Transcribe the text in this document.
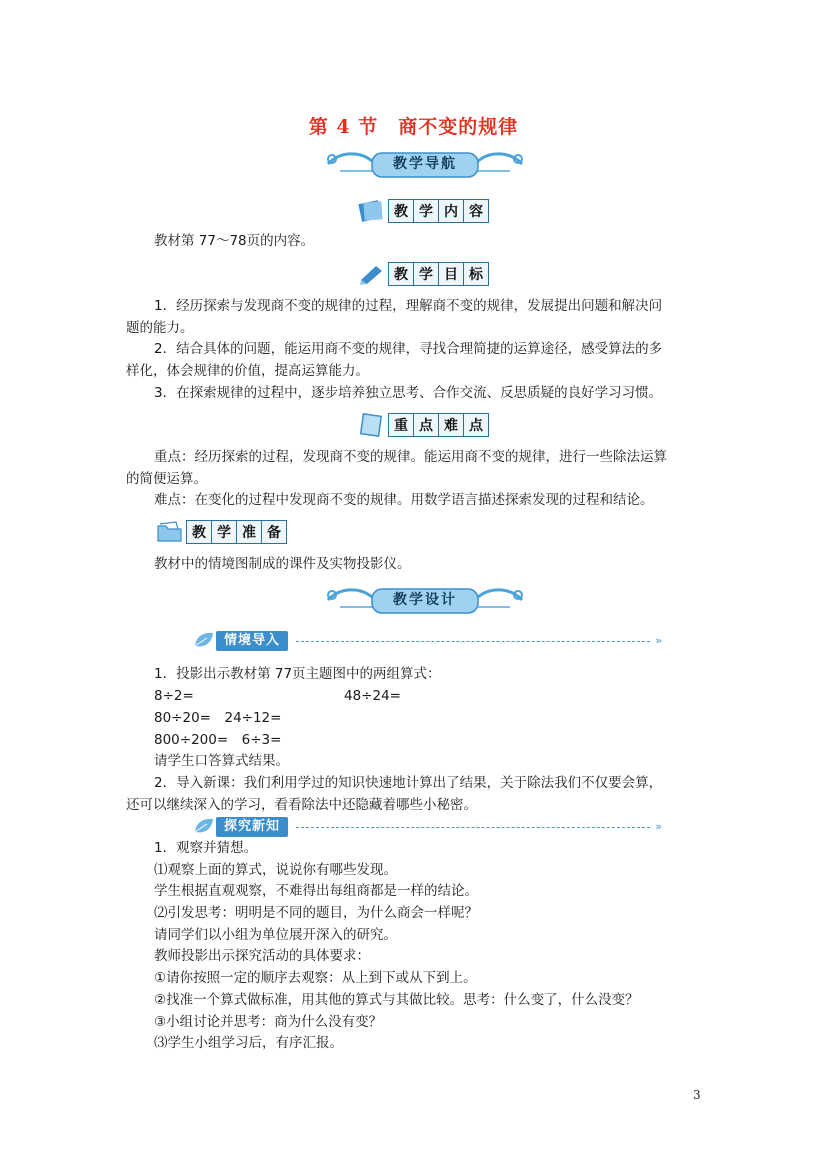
第 4 节　商不变的规律
教学导航
教 学 内 容
教材第 77～78页的内容。
教 学 目 标
1．经历探索与发现商不变的规律的过程，理解商不变的规律，发展提出问题和解决问
题的能力。
2．结合具体的问题，能运用商不变的规律，寻找合理简捷的运算途径，感受算法的多
样化，体会规律的价值，提高运算能力。
3．在探索规律的过程中，逐步培养独立思考、合作交流、反思质疑的良好学习习惯。
重 点 难 点
重点：经历探索的过程，发现商不变的规律。能运用商不变的规律，进行一些除法运算
的简便运算。
难点：在变化的过程中发现商不变的规律。用数学语言描述探索发现的过程和结论。
教 学 准 备
教材中的情境图制成的课件及实物投影仪。
教学设计
情境导入	»
1．投影出示教材第 77页主题图中的两组算式：
8÷2=	48÷24=
80÷20=　24÷12=
800÷200=　6÷3=
请学生口答算式结果。
2．导入新课：我们利用学过的知识快速地计算出了结果，关于除法我们不仅要会算，
还可以继续深入的学习，看看除法中还隐藏着哪些小秘密。
探究新知	»
1．观察并猜想。
⑴观察上面的算式，说说你有哪些发现。
学生根据直观观察，不难得出每组商都是一样的结论。
⑵引发思考：明明是不同的题目，为什么商会一样呢？
请同学们以小组为单位展开深入的研究。
教师投影出示探究活动的具体要求：
①请你按照一定的顺序去观察：从上到下或从下到上。
②找准一个算式做标准，用其他的算式与其做比较。思考：什么变了，什么没变？
③小组讨论并思考：商为什么没有变？
⑶学生小组学习后，有序汇报。
3
